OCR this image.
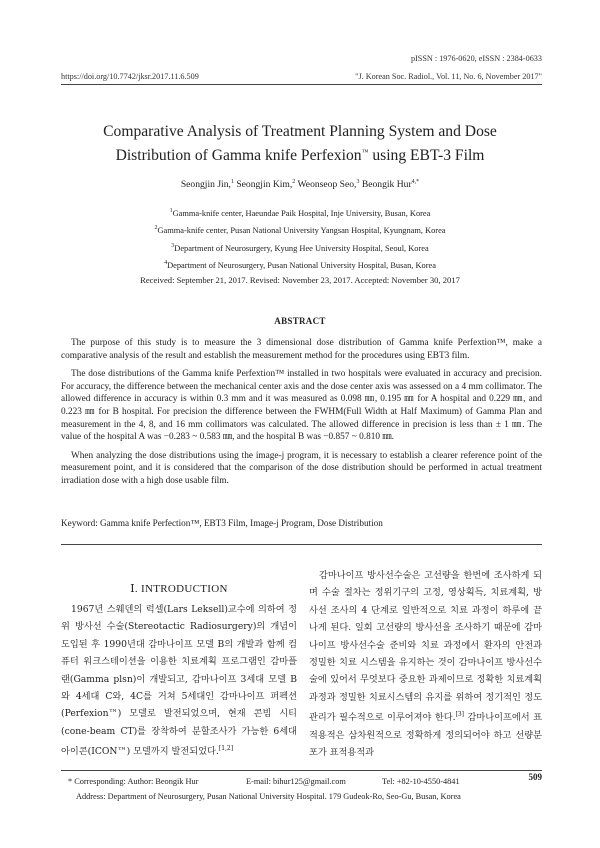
pISSN : 1976-0620, eISSN : 2384-0633
https://doi.org/10.7742/jksr.2017.11.6.509	"J. Korean Soc. Radiol., Vol. 11, No. 6, November 2017"
Comparative Analysis of Treatment Planning System and Dose
Distribution of Gamma knife Perfexion™ using EBT-3 Film
Seongjin Jin,$^1$ Seongjin Kim,$^2$ Weonseop Seo,$^3$ Beongik Hur$^{4,*}$
$^1$Gamma-knife center, Haeundae Paik Hospital, Inje University, Busan, Korea
$^2$Gamma-knife center, Pusan National University Yangsan Hospital, Kyungnam, Korea
$^3$Department of Neurosurgery, Kyung Hee University Hospital, Seoul, Korea
$^4$Department of Neurosurgery, Pusan National University Hospital, Busan, Korea
Received: September 21, 2017. Revised: November 23, 2017. Accepted: November 30, 2017
ABSTRACT

The purpose of this study is to measure the 3 dimensional dose distribution of Gamma knife Perfextion™, make a comparative analysis of the result and establish the measurement method for the procedures using EBT3 film.

The dose distributions of the Gamma knife Perfextion™ installed in two hospitals were evaluated in accuracy and precision. For accuracy, the difference between the mechanical center axis and the dose center axis was assessed on a 4 mm collimator. The allowed difference in accuracy is within 0.3 mm and it was measured as 0.098 ㎜, 0.195 ㎜ for A hospital and 0.229 ㎜, and 0.223 ㎜ for B hospital. For precision the difference between the FWHM(Full Width at Half Maximum) of Gamma Plan and measurement in the 4, 8, and 16 mm collimators was calculated. The allowed difference in precision is less than ± 1 ㎜. The value of the hospital A was −0.283 ~ 0.583 ㎜, and the hospital B was −0.857 ~ 0.810 ㎜.

When analyzing the dose distributions using the image-j program, it is necessary to establish a clearer reference point of the measurement point, and it is considered that the comparison of the dose distribution should be performed in actual treatment irradiation dose with a high dose usable film.

Keyword: Gamma knife Perfection™, EBT3 Film, Image-j Program, Dose Distribution
Ⅰ. INTRODUCTION

1967년 스웨덴의 럭셀(Lars Leksell)교수에 의하여 정위 방사선 수술(Stereotactic Radiosurgery)의 개념이 도입된 후 1990년대 감마나이프 모델 B의 개발과 함께 컴퓨터 워크스테이션을 이용한 치료계획 프로그램인 감마플랜(Gamma plsn)이 개발되고, 감마나이프 3세대 모델 B와 4세대 C와, 4C를 거쳐 5세대인 감마나이프 퍼펙션(Perfexion™) 모델로 발전되었으며, 현재 콘빔 시티(cone-beam CT)를 장착하여 분할조사가 가능한 6세대 아이콘(ICON™) 모델까지 발전되었다.[1,2]

감마나이프 방사선수술은 고선량을 한번에 조사하게 되며 수술 절차는 정위기구의 고정, 영상획득, 치료계획, 방사선 조사의 4 단계로 일반적으로 치료 과정이 하루에 끝나게 된다. 일회 고선량의 방사선을 조사하기 때문에 감마나이프 방사선수술 준비와 치료 과정에서 환자의 안전과 정밀한 치료 시스템을 유지하는 것이 감마나이프 방사선수술에 있어서 무엇보다 중요한 과제이므로 정확한 치료계획 과정과 정밀한 치료시스템의 유지를 위하여 정기적인 정도관리가 필수적으로 이루어져야 한다.[3] 감마나이프에서 표적용적은 삼차원적으로 정확하게 정의되어야 하고 선량분포가 표적용적과

509
* Corresponding: Author: Beongik Hur	E-mail: bihur125@gmail.com	Tel: +82-10-4550-4841
Address: Department of Neurosurgery, Pusan National University Hospital. 179 Gudeok-Ro, Seo-Gu, Busan, Korea
